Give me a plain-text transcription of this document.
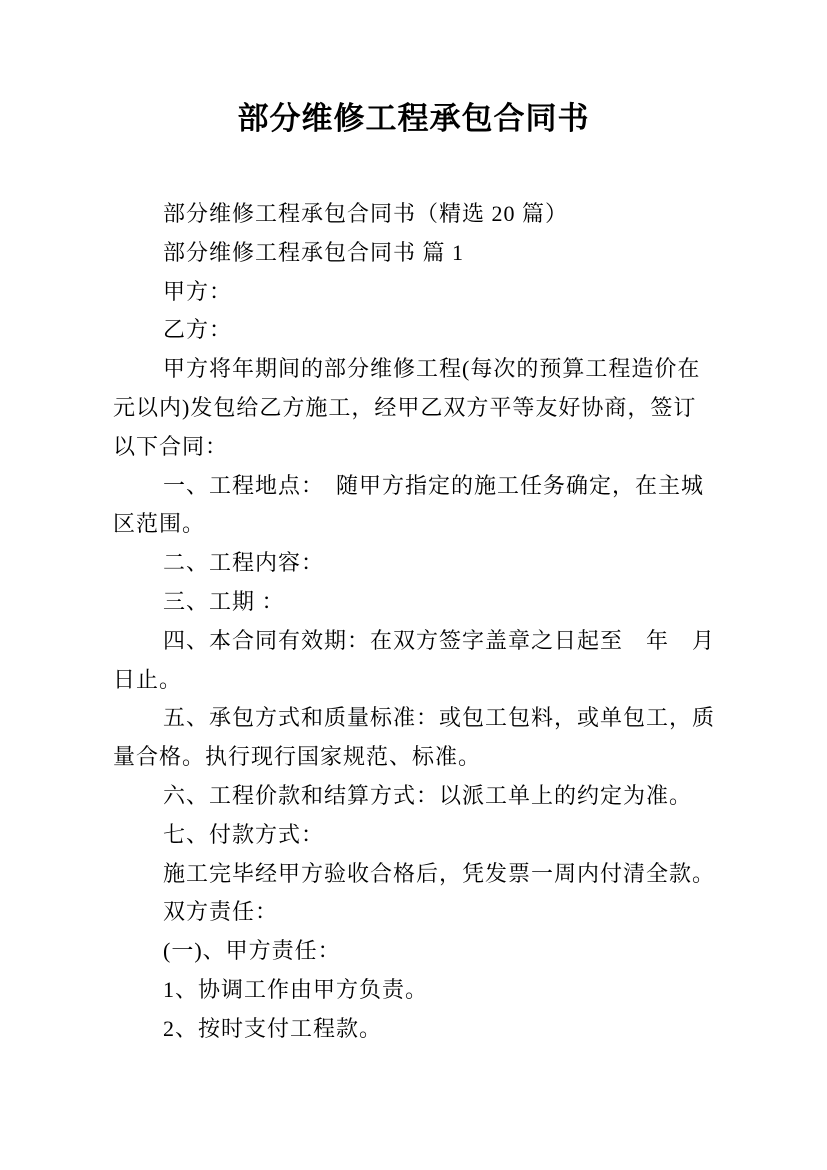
部分维修工程承包合同书
部分维修工程承包合同书（精选 20 篇）
部分维修工程承包合同书 篇 1
甲方：
乙方：
甲方将年期间的部分维修工程(每次的预算工程造价在
元以内)发包给乙方施工，经甲乙双方平等友好协商，签订
以下合同：
一、工程地点：　随甲方指定的施工任务确定，在主城
区范围。
二、工程内容：
三、工期 ：
四、本合同有效期：在双方签字盖章之日起至　年　月
日止。
五、承包方式和质量标准：或包工包料，或单包工，质
量合格。执行现行国家规范、标准。
六、工程价款和结算方式：以派工单上的约定为准。
七、付款方式：
施工完毕经甲方验收合格后，凭发票一周内付清全款。
双方责任：
(一)、甲方责任：
1、协调工作由甲方负责。
2、按时支付工程款。
